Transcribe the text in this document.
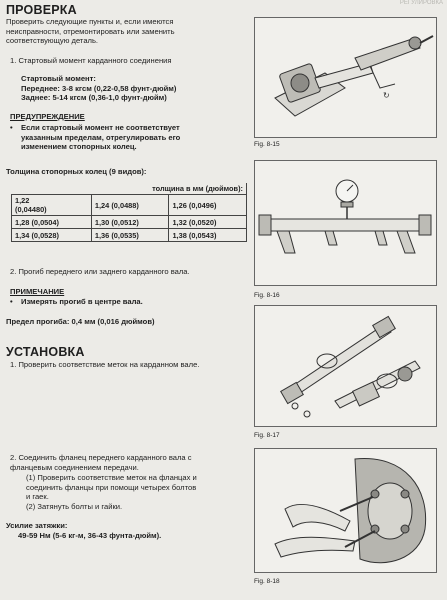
РЕГУЛИРОВКА
ПРОВЕРКА
Проверить следующие пункты и, если имеются
неисправности, отремонтировать или заменить
соответствующую деталь.
1. Стартовый момент карданного соединения
Стартовый момент:
Переднее: 3-8 кгсм (0,22-0,58 фунт-дюйм)
Заднее: 5-14 кгсм (0,36-1,0 фунт-дюйм)
ПРЕДУПРЕЖДЕНИЕ
• Если стартовый момент не соответствует
указанным пределам, отрегулировать его
изменением стопорных колец.
Толщина стопорных колец (9 видов):
толщина в мм (дюймов):		
1,22
(0,04480)	1,24 (0,0488)	1,26 (0,0496)
1,28 (0,0504)	1,30 (0,0512)	1,32 (0,0520)
1,34 (0,0528)	1,36 (0,0535)	1,38 (0,0543)
2. Прогиб переднего или заднего карданного вала.
ПРИМЕЧАНИЕ
• Измерять прогиб в центре вала.
Предел прогиба: 0,4 мм (0,016 дюймов)
УСТАНОВКА
1. Проверить соответствие меток на карданном вале.
2. Соединить фланец переднего карданного вала с
фланцевым соединением передачи.
(1) Проверить соответствие меток на фланцах и
соединить фланцы при помощи четырех болтов
и гаек.
(2) Затянуть болты и гайки.
Усилие затяжки:
49-59 Нм (5-6 кг-м, 36-43 фунта-дюйм).
↻
Fig. 8-15
Fig. 8-16
Fig. 8-17
Fig. 8-18
